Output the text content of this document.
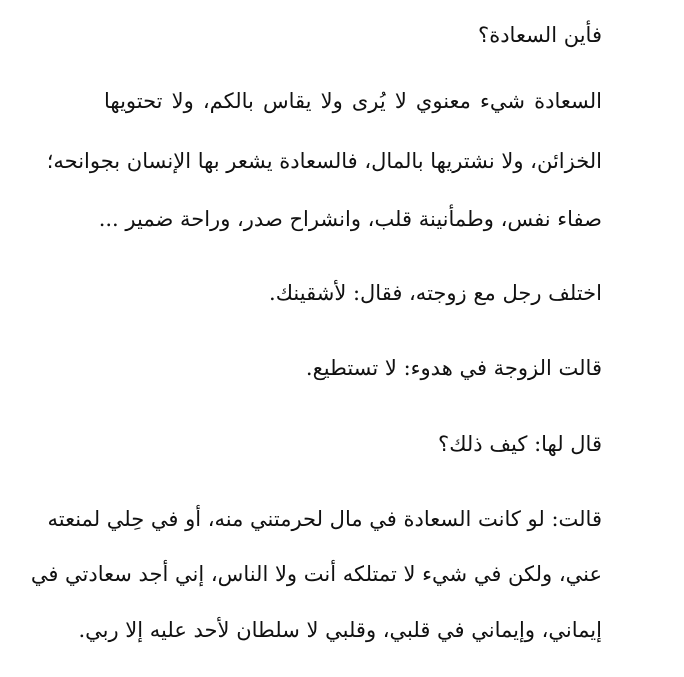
فأين السعادة؟
السعادة شيء معنوي لا يُرى ولا يقاس بالكم، ولا تحتويها
الخزائن، ولا نشتريها بالمال، فالسعادة يشعر بها الإنسان بجوانحه؛
صفاء نفس، وطمأنينة قلب، وانشراح صدر، وراحة ضمير ...
اختلف رجل مع زوجته، فقال: لأشقينك.
قالت الزوجة في هدوء: لا تستطيع.
قال لها: كيف ذلك؟
قالت: لو كانت السعادة في مال لحرمتني منه، أو في حِلي لمنعته
عني، ولكن في شيء لا تمتلكه أنت ولا الناس، إني أجد سعادتي في
إيماني، وإيماني في قلبي، وقلبي لا سلطان لأحد عليه إلا ربي.
